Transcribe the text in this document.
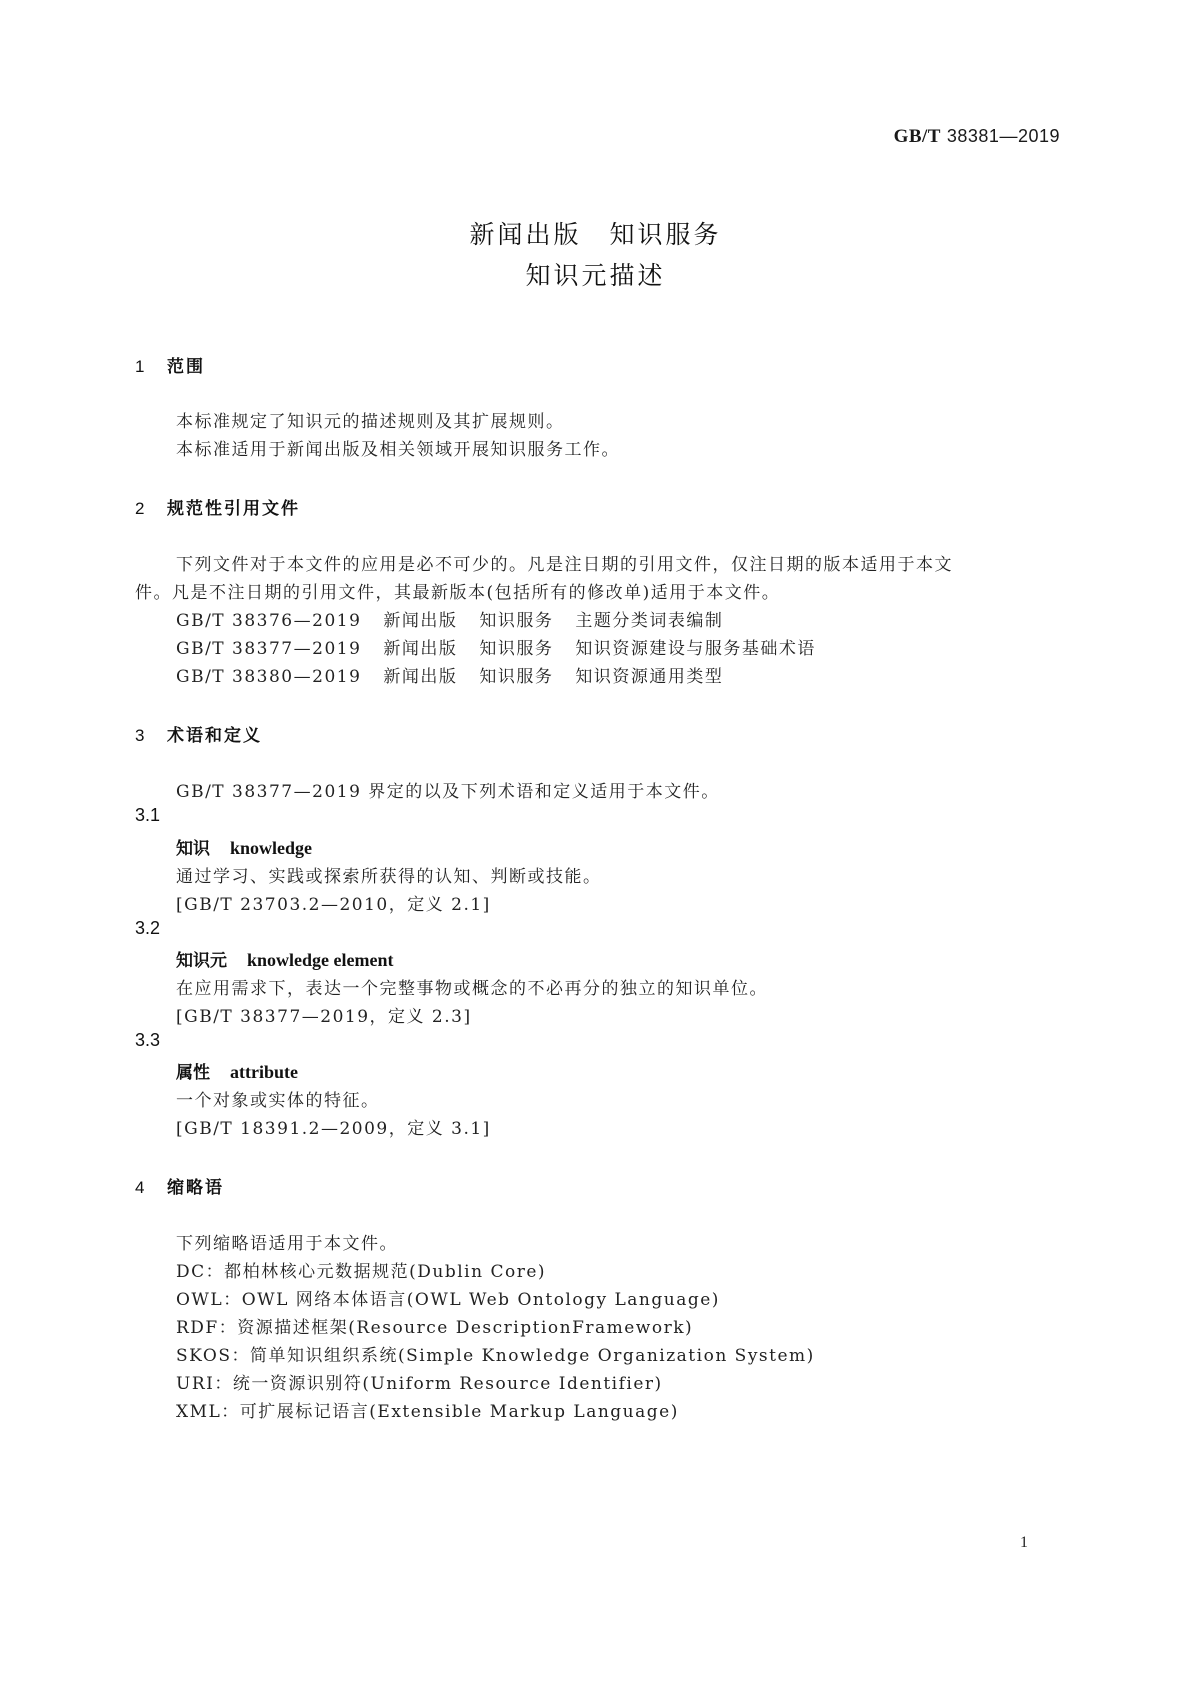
GB/T 38381—2019
新闻出版 知识服务
知识元描述
1 范围
本标准规定了知识元的描述规则及其扩展规则。
本标准适用于新闻出版及相关领域开展知识服务工作。
2 规范性引用文件
下列文件对于本文件的应用是必不可少的。凡是注日期的引用文件，仅注日期的版本适用于本文
件。凡是不注日期的引用文件，其最新版本(包括所有的修改单)适用于本文件。
GB/T 38376—2019 新闻出版 知识服务 主题分类词表编制
GB/T 38377—2019 新闻出版 知识服务 知识资源建设与服务基础术语
GB/T 38380—2019 新闻出版 知识服务 知识资源通用类型
3 术语和定义
GB/T 38377—2019 界定的以及下列术语和定义适用于本文件。
3.1
知识 knowledge
通过学习、实践或探索所获得的认知、判断或技能。
[GB/T 23703.2—2010，定义 2.1]
3.2
知识元 knowledge element
在应用需求下，表达一个完整事物或概念的不必再分的独立的知识单位。
[GB/T 38377—2019，定义 2.3]
3.3
属性 attribute
一个对象或实体的特征。
[GB/T 18391.2—2009，定义 3.1]
4 缩略语
下列缩略语适用于本文件。
DC：都柏林核心元数据规范(Dublin Core)
OWL：OWL 网络本体语言(OWL Web Ontology Language)
RDF：资源描述框架(Resource DescriptionFramework)
SKOS：简单知识组织系统(Simple Knowledge Organization System)
URI：统一资源识别符(Uniform Resource Identifier)
XML：可扩展标记语言(Extensible Markup Language)
1
